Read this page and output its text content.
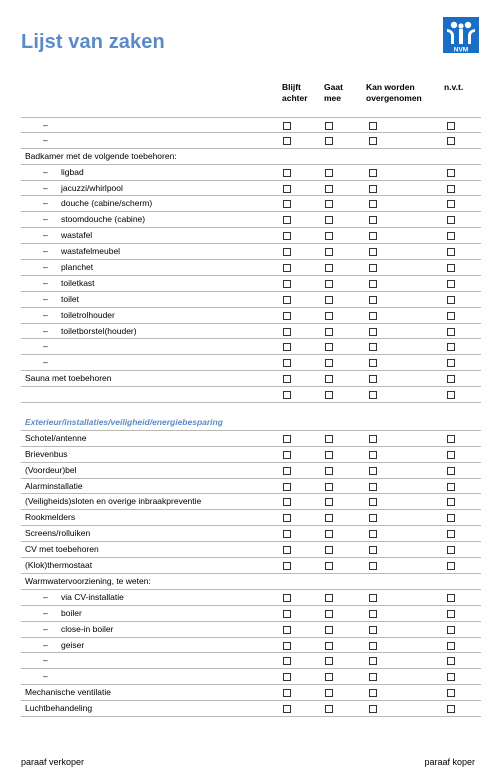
Lijst van zaken	NVM
Blijft
achter
Gaat
mee
Kan worden
overgenomen
n.v.t.
–
–
Badkamer met de volgende toebehoren:
– ligbad
– jacuzzi/whirlpool
– douche (cabine/scherm)
– stoomdouche (cabine)
– wastafel
– wastafelmeubel
– planchet
– toiletkast
– toilet
– toiletrolhouder
– toiletborstel(houder)
–
–
Sauna met toebehoren
Exterieur/installaties/veiligheid/energiebesparing
Schotel/antenne
Brievenbus
(Voordeur)bel
Alarminstallatie
(Veiligheids)sloten en overige inbraakpreventie
Rookmelders
Screens/rolluiken
CV met toebehoren
(Klok)thermostaat
Warmwatervoorziening, te weten:
– via CV-installatie
– boiler
– close-in boiler
– geiser
–
–
Mechanische ventilatie
Luchtbehandeling
paraaf verkoper	paraaf koper
